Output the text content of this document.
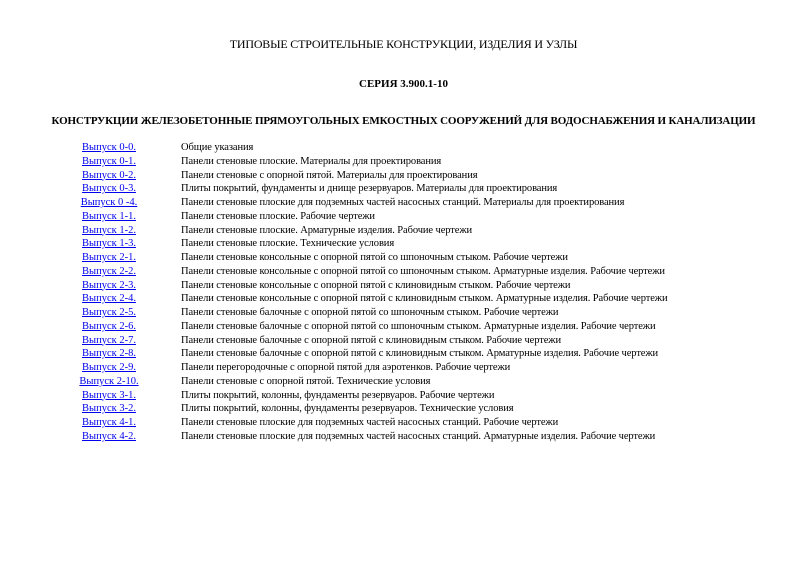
ТИПОВЫЕ СТРОИТЕЛЬНЫЕ КОНСТРУКЦИИ, ИЗДЕЛИЯ И УЗЛЫ
СЕРИЯ 3.900.1-10
КОНСТРУКЦИИ ЖЕЛЕЗОБЕТОННЫЕ ПРЯМОУГОЛЬНЫХ ЕМКОСТНЫХ СООРУЖЕНИЙ ДЛЯ ВОДОСНАБЖЕНИЯ И КАНАЛИЗАЦИИ
Выпуск 0-0.	Общие указания
Выпуск 0-1.	Панели стеновые плоские. Материалы для проектирования
Выпуск 0-2.	Панели стеновые с опорной пятой. Материалы для проектирования
Выпуск 0-3.	Плиты покрытий, фундаменты и днище резервуаров. Материалы для проектирования
Выпуск 0 -4.	Панели стеновые плоские для подземных частей насосных станций. Материалы для проектирования
Выпуск 1-1.	Панели стеновые плоские. Рабочие чертежи
Выпуск 1-2.	Панели стеновые плоские. Арматурные изделия. Рабочие чертежи
Выпуск 1-3.	Панели стеновые плоские. Технические условия
Выпуск 2-1.	Панели стеновые консольные с опорной пятой со шпоночным стыком. Рабочие чертежи
Выпуск 2-2.	Панели стеновые консольные с опорной пятой со шпоночным стыком. Арматурные изделия. Рабочие чертежи
Выпуск 2-3.	Панели стеновые консольные с опорной пятой с клиновидным стыком. Рабочие чертежи
Выпуск 2-4.	Панели стеновые консольные с опорной пятой с клиновидным стыком. Арматурные изделия. Рабочие чертежи
Выпуск 2-5.	Панели стеновые балочные с опорной пятой со шпоночным стыком. Рабочие чертежи
Выпуск 2-6.	Панели стеновые балочные с опорной пятой со шпоночным стыком. Арматурные изделия. Рабочие чертежи
Выпуск 2-7.	Панели стеновые балочные с опорной пятой с клиновидным стыком. Рабочие чертежи
Выпуск 2-8.	Панели стеновые балочные с опорной пятой с клиновидным стыком. Арматурные изделия. Рабочие чертежи
Выпуск 2-9.	Панели перегородочные с опорной пятой для аэротенков. Рабочие чертежи
Выпуск 2-10.	Панели стеновые с опорной пятой. Технические условия
Выпуск 3-1.	Плиты покрытий, колонны, фундаменты резервуаров. Рабочие чертежи
Выпуск 3-2.	Плиты покрытий, колонны, фундаменты резервуаров. Технические условия
Выпуск 4-1.	Панели стеновые плоские для подземных частей насосных станций. Рабочие чертежи
Выпуск 4-2.	Панели стеновые плоские для подземных частей насосных станций. Арматурные изделия. Рабочие чертежи
